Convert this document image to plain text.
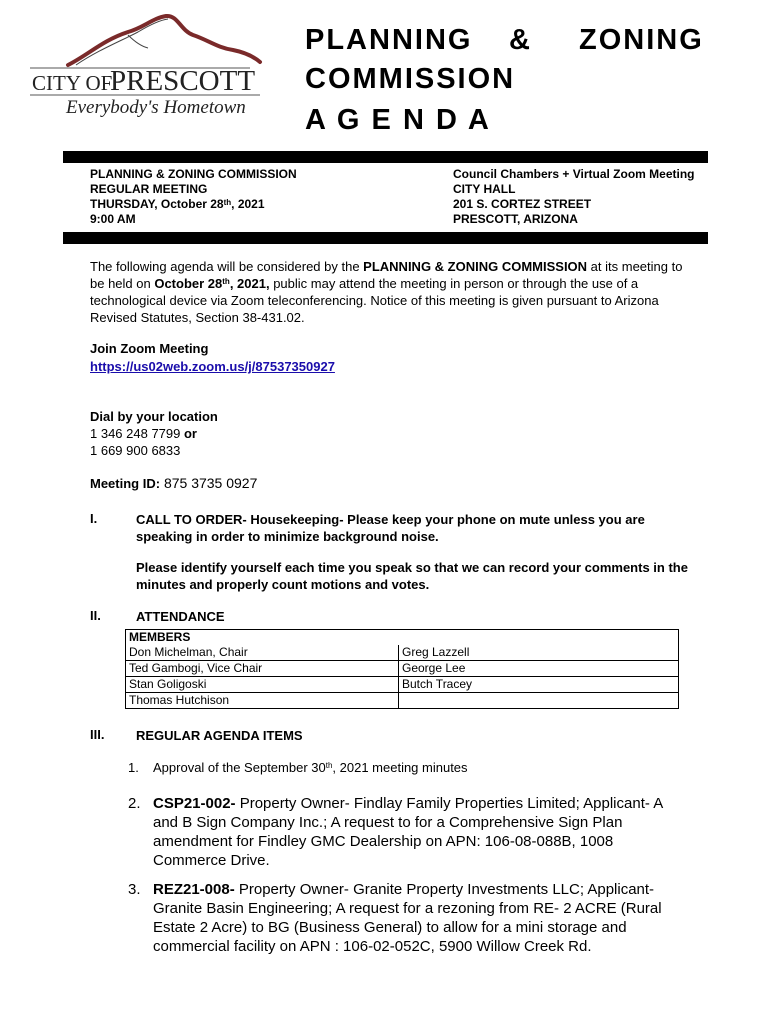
CITY OF
PRESCOTT
Everybody's Hometown
PLANNING & ZONING
COMMISSION
A G E N D A
PLANNING & ZONING COMMISSION
REGULAR MEETING
THURSDAY, October 28th, 2021
9:00 AM
Council Chambers + Virtual Zoom Meeting
CITY HALL
201 S. CORTEZ STREET
PRESCOTT, ARIZONA
The following agenda will be considered by the PLANNING & ZONING COMMISSION at its meeting to be held on October 28th, 2021, public may attend the meeting in person or through the use of a technological device via Zoom teleconferencing. Notice of this meeting is given pursuant to Arizona Revised Statutes, Section 38-431.02.
Join Zoom Meeting
https://us02web.zoom.us/j/87537350927
Dial by your location
1 346 248 7799 or
1 669 900 6833
Meeting ID: 875 3735 0927
I.	CALL TO ORDER- Housekeeping- Please keep your phone on mute unless you are speaking in order to minimize background noise.
Please identify yourself each time you speak so that we can record your comments in the minutes and properly count motions and votes.
II.	ATTENDANCE
MEMBERS	
Don Michelman, Chair	Greg Lazzell
Ted Gambogi, Vice Chair	George Lee
Stan Goligoski	Butch Tracey
Thomas Hutchison	
III. REGULAR AGENDA ITEMS
1. Approval of the September 30th, 2021 meeting minutes
2. CSP21-002- Property Owner- Findlay Family Properties Limited; Applicant- A and B Sign Company Inc.; A request to for a Comprehensive Sign Plan amendment for Findley GMC Dealership on APN: 106-08-088B, 1008 Commerce Drive.
3. REZ21-008- Property Owner- Granite Property Investments LLC; Applicant- Granite Basin Engineering; A request for a rezoning from RE- 2 ACRE (Rural Estate 2 Acre) to BG (Business General) to allow for a mini storage and commercial facility on APN : 106-02-052C, 5900 Willow Creek Rd.
